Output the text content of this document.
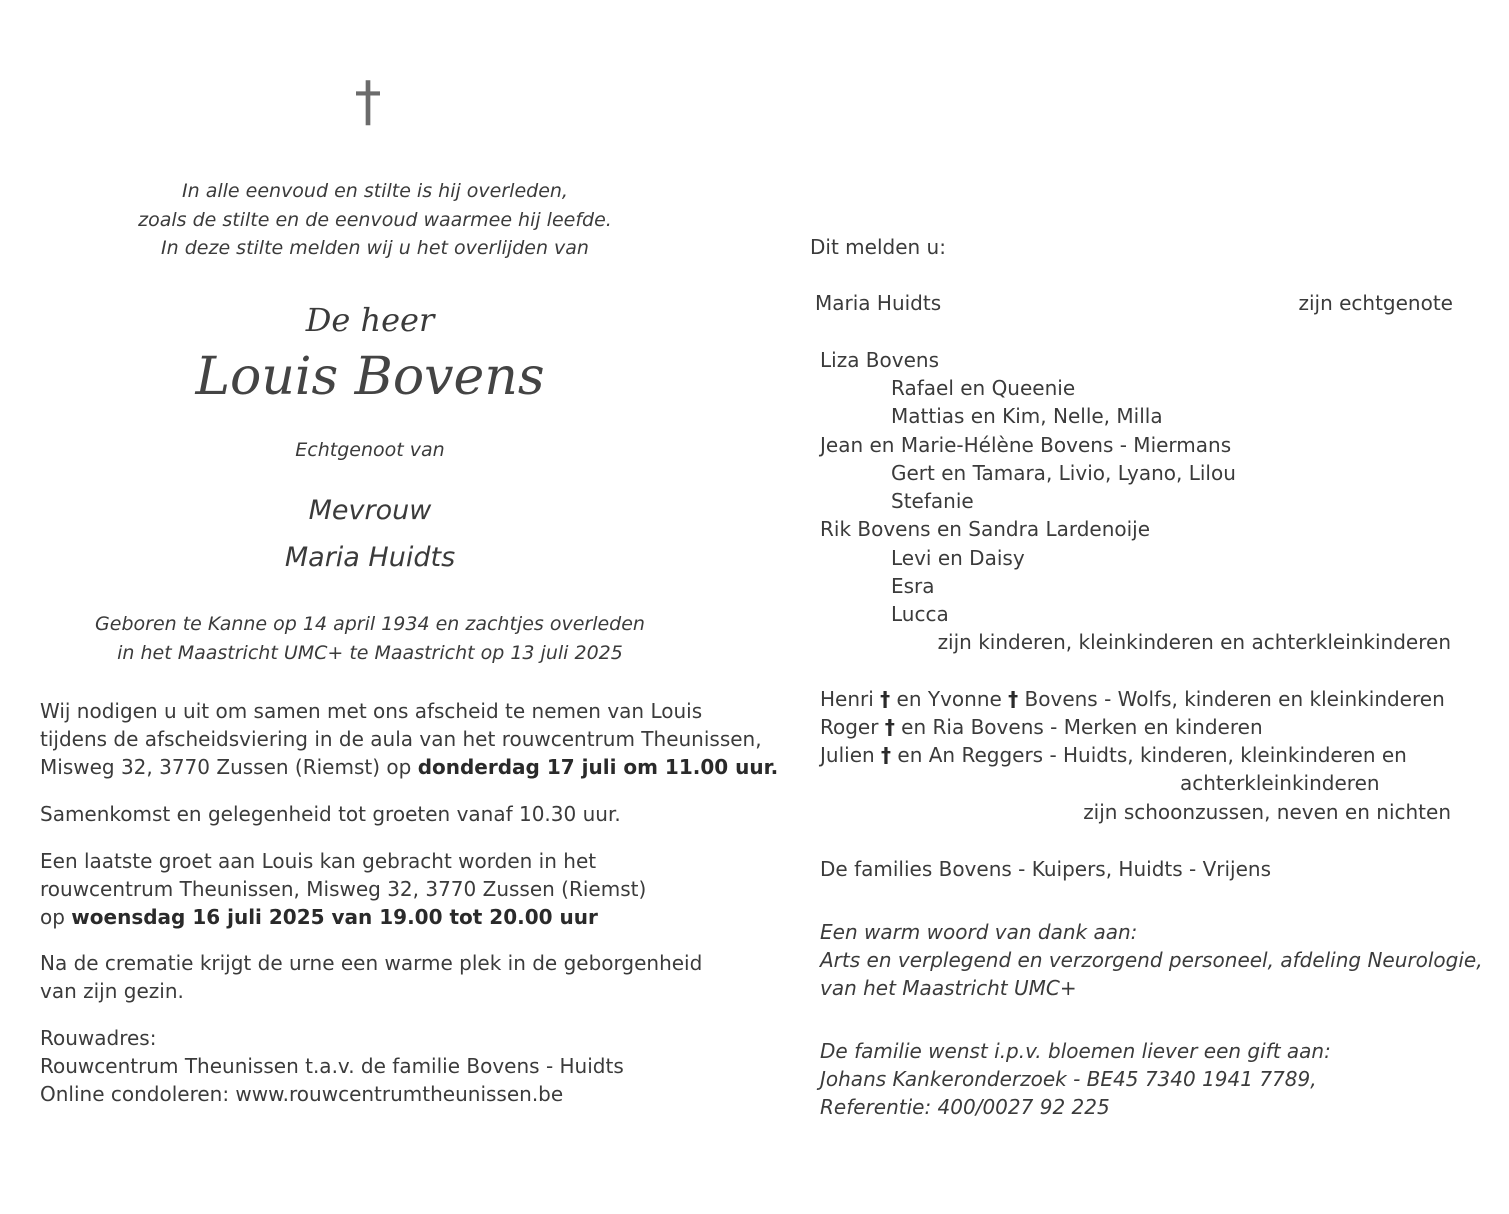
†
In alle eenvoud en stilte is hij overleden,
zoals de stilte en de eenvoud waarmee hij leefde.
In deze stilte melden wij u het overlijden van
De heer
Louis Bovens
Echtgenoot van
Mevrouw
Maria Huidts
Geboren te Kanne op 14 april 1934 en zachtjes overleden
in het Maastricht UMC+ te Maastricht op 13 juli 2025
Wij nodigen u uit om samen met ons afscheid te nemen van Louis
tijdens de afscheidsviering in de aula van het rouwcentrum Theunissen,
Misweg 32, 3770 Zussen (Riemst) op donderdag 17 juli om 11.00 uur.
Samenkomst en gelegenheid tot groeten vanaf 10.30 uur.
Een laatste groet aan Louis kan gebracht worden in het
rouwcentrum Theunissen, Misweg 32, 3770 Zussen (Riemst)
op woensdag 16 juli 2025 van 19.00 tot 20.00 uur
Na de crematie krijgt de urne een warme plek in de geborgenheid
van zijn gezin.
Rouwadres:
Rouwcentrum Theunissen t.a.v. de familie Bovens - Huidts
Online condoleren: www.rouwcentrumtheunissen.be
Dit melden u:
Maria Huidts	zijn echtgenote
Liza Bovens
Rafael en Queenie
Mattias en Kim, Nelle, Milla
Jean en Marie-Hélène Bovens - Miermans
Gert en Tamara, Livio, Lyano, Lilou
Stefanie
Rik Bovens en Sandra Lardenoije
Levi en Daisy
Esra
Lucca
zijn kinderen, kleinkinderen en achterkleinkinderen
Henri † en Yvonne † Bovens - Wolfs, kinderen en kleinkinderen
Roger † en Ria Bovens - Merken en kinderen
Julien † en An Reggers - Huidts, kinderen, kleinkinderen en
achterkleinkinderen
zijn schoonzussen, neven en nichten
De families Bovens - Kuipers, Huidts - Vrijens
Een warm woord van dank aan:
Arts en verplegend en verzorgend personeel, afdeling Neurologie,
van het Maastricht UMC+
De familie wenst i.p.v. bloemen liever een gift aan:
Johans Kankeronderzoek - BE45 7340 1941 7789,
Referentie: 400/0027 92 225
